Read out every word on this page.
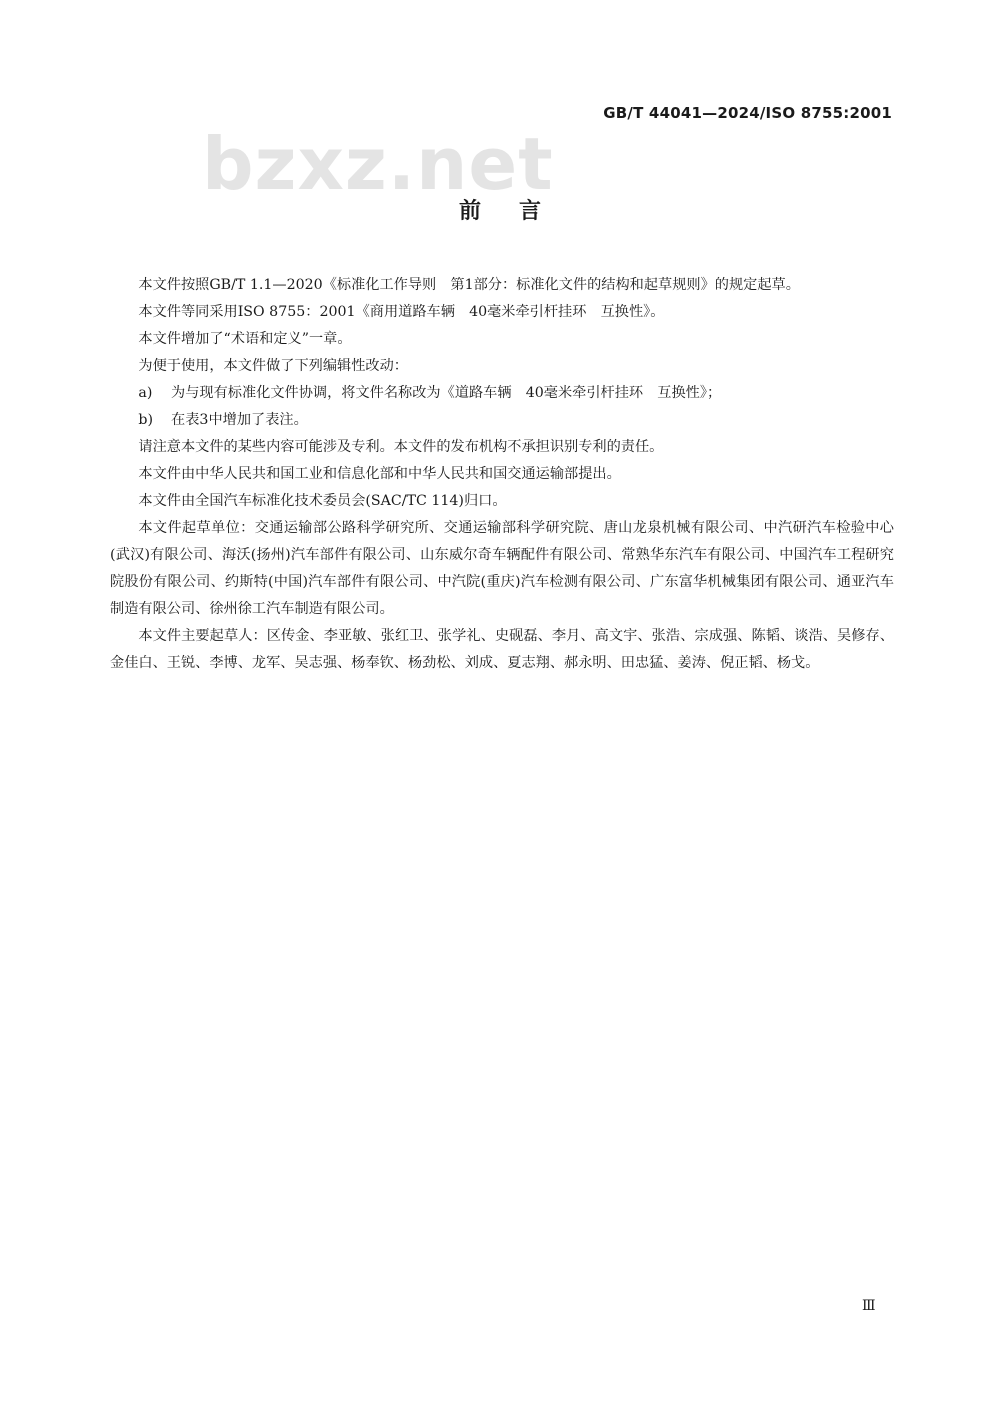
bzxz.net
GB/T 44041—2024/ISO 8755:2001
前言

本文件按照GB/T 1.1—2020《标准化工作导则　第1部分：标准化文件的结构和起草规则》的规定起草。

本文件等同采用ISO 8755：2001《商用道路车辆　40毫米牵引杆挂环　互换性》。

本文件增加了“术语和定义”一章。

为便于使用，本文件做了下列编辑性改动：

a) 为与现有标准化文件协调，将文件名称改为《道路车辆　40毫米牵引杆挂环　互换性》；

b) 在表3中增加了表注。

请注意本文件的某些内容可能涉及专利。本文件的发布机构不承担识别专利的责任。

本文件由中华人民共和国工业和信息化部和中华人民共和国交通运输部提出。

本文件由全国汽车标准化技术委员会(SAC/TC 114)归口。

本文件起草单位：交通运输部公路科学研究所、交通运输部科学研究院、唐山龙泉机械有限公司、中汽研汽车检验中心(武汉)有限公司、海沃(扬州)汽车部件有限公司、山东威尔奇车辆配件有限公司、常熟华东汽车有限公司、中国汽车工程研究院股份有限公司、约斯特(中国)汽车部件有限公司、中汽院(重庆)汽车检测有限公司、广东富华机械集团有限公司、通亚汽车制造有限公司、徐州徐工汽车制造有限公司。

本文件主要起草人：区传金、李亚敏、张红卫、张学礼、史砚磊、李月、高文宇、张浩、宗成强、陈韬、谈浩、吴修存、金佳白、王锐、李博、龙军、吴志强、杨奉钦、杨劲松、刘成、夏志翔、郝永明、田忠猛、姜涛、倪正韬、杨戈。

Ⅲ
